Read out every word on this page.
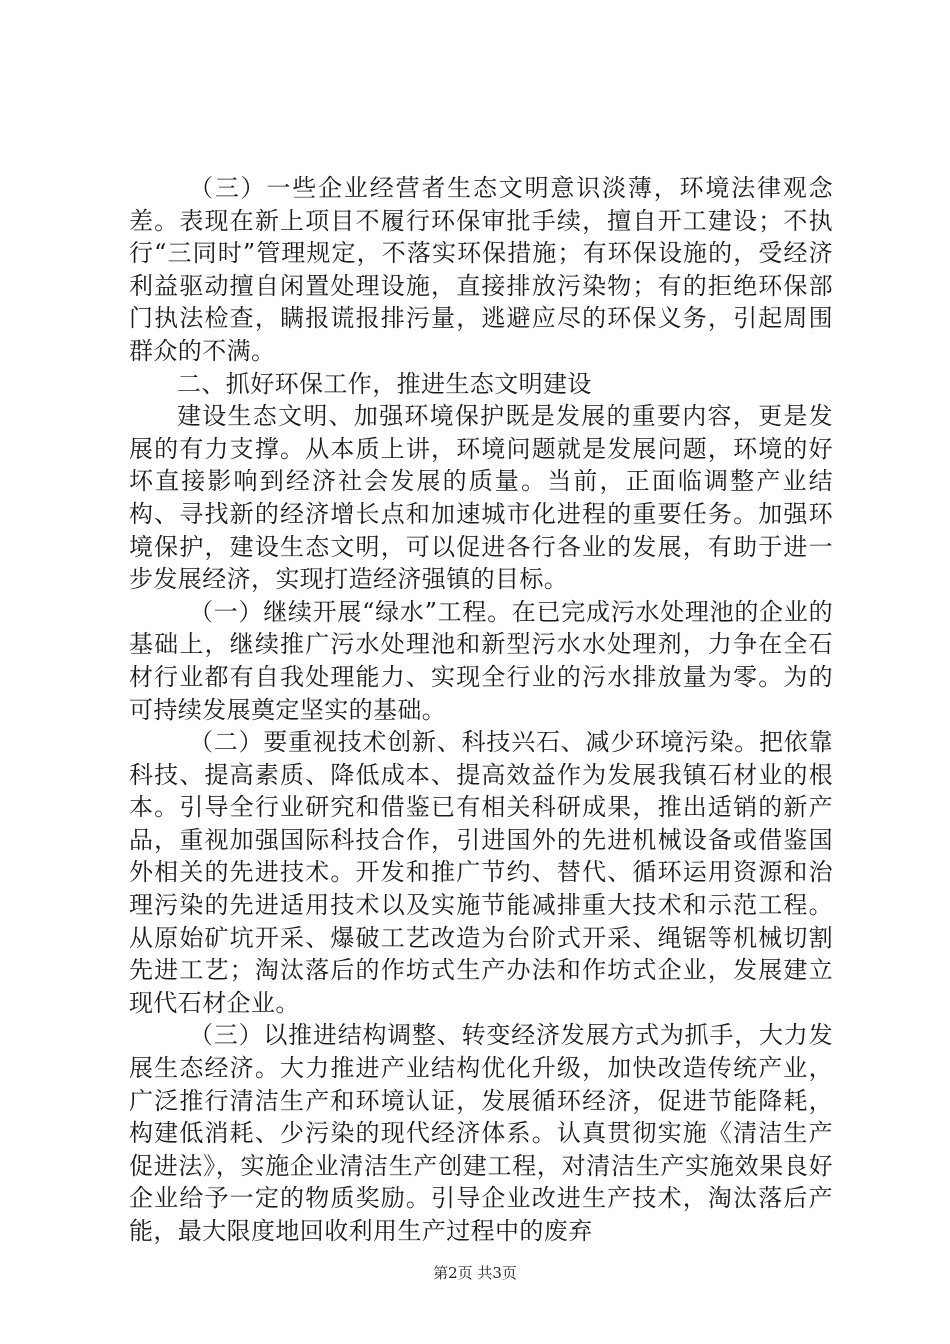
（三）一些企业经营者生态文明意识淡薄，环境法律观念差。表现在新上项目不履行环保审批手续，擅自开工建设；不执行“三同时”管理规定，不落实环保措施；有环保设施的，受经济利益驱动擅自闲置处理设施，直接排放污染物；有的拒绝环保部门执法检查，瞒报谎报排污量，逃避应尽的环保义务，引起周围群众的不满。

二、抓好环保工作，推进生态文明建设

建设生态文明、加强环境保护既是发展的重要内容，更是发展的有力支撑。从本质上讲，环境问题就是发展问题，环境的好坏直接影响到经济社会发展的质量。当前，正面临调整产业结构、寻找新的经济增长点和加速城市化进程的重要任务。加强环境保护，建设生态文明，可以促进各行各业的发展，有助于进一步发展经济，实现打造经济强镇的目标。

（一）继续开展“绿水”工程。在已完成污水处理池的企业的基础上，继续推广污水处理池和新型污水水处理剂，力争在全石材行业都有自我处理能力、实现全行业的污水排放量为零。为的可持续发展奠定坚实的基础。

（二）要重视技术创新、科技兴石、减少环境污染。把依靠科技、提高素质、降低成本、提高效益作为发展我镇石材业的根本。引导全行业研究和借鉴已有相关科研成果，推出适销的新产品，重视加强国际科技合作，引进国外的先进机械设备或借鉴国外相关的先进技术。开发和推广节约、替代、循环运用资源和治理污染的先进适用技术以及实施节能减排重大技术和示范工程。从原始矿坑开采、爆破工艺改造为台阶式开采、绳锯等机械切割先进工艺；淘汰落后的作坊式生产办法和作坊式企业，发展建立现代石材企业。

（三）以推进结构调整、转变经济发展方式为抓手，大力发展生态经济。大力推进产业结构优化升级，加快改造传统产业，广泛推行清洁生产和环境认证，发展循环经济，促进节能降耗，构建低消耗、少污染的现代经济体系。认真贯彻实施《清洁生产促进法》，实施企业清洁生产创建工程，对清洁生产实施效果良好企业给予一定的物质奖励。引导企业改进生产技术，淘汰落后产能，最大限度地回收利用生产过程中的废弃

第2页 共3页
